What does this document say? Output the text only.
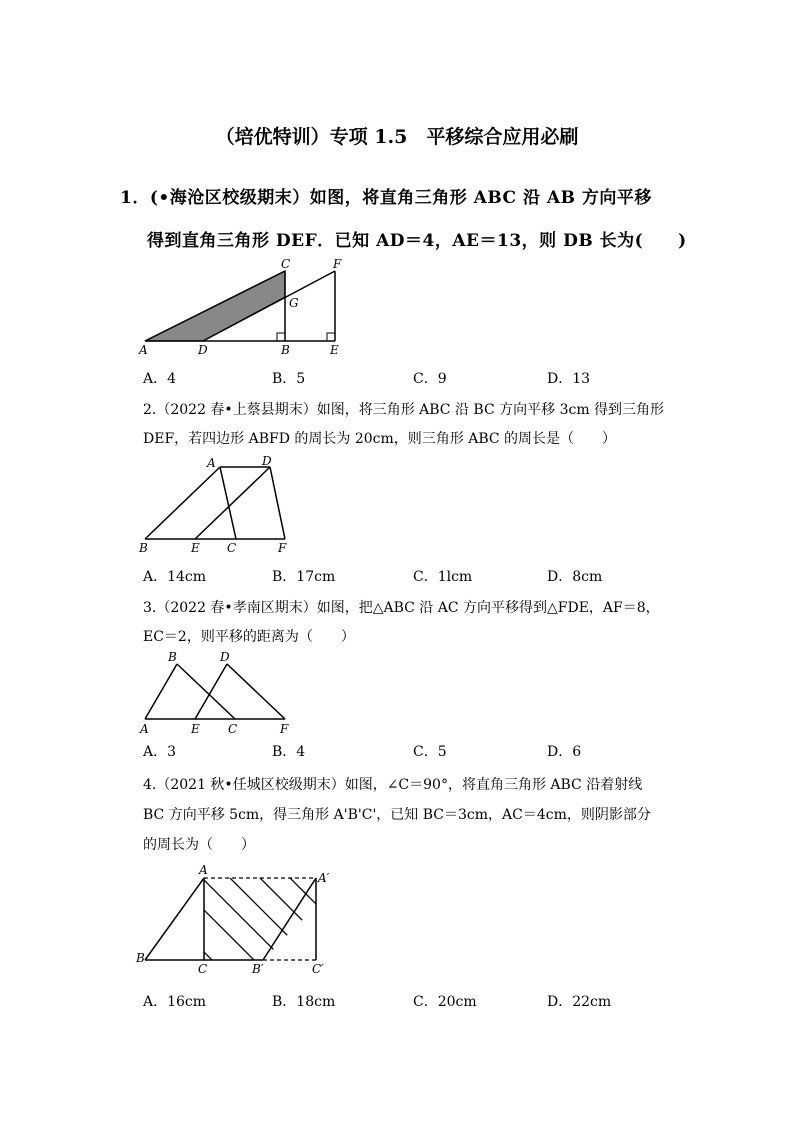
（培优特训）专项 1.5　平移综合应用必刷
1．(•海沧区校级期末）如图，将直角三角形 ABC 沿 AB 方向平移
得到直角三角形 DEF．已知 AD＝4，AE＝13，则 DB 长为(　　)
A	D	B	E
C	F
G
A．4	B．5	C．9	D．13
2.（2022 春•上蔡县期末）如图，将三角形 ABC 沿 BC 方向平移 3cm 得到三角形
DEF，若四边形 ABFD 的周长为 20cm，则三角形 ABC 的周长是（　　）
A	D
B	E C	F
A．14cm	B．17cm	C．1lcm	D．8cm
3.（2022 春•孝南区期末）如图，把△ABC 沿 AC 方向平移得到△FDE，AF＝8，
EC＝2，则平移的距离为（　　）
B	D
A	E C	F
A．3	B．4	C．5	D．6
4.（2021 秋•任城区校级期末）如图，∠C＝90°，将直角三角形 ABC 沿着射线
BC 方向平移 5cm，得三角形 A'B'C'，已知 BC＝3cm，AC＝4cm，则阴影部分
的周长为（　　）
A
A′
B
C	B′	C′
A．16cm	B．18cm	C．20cm	D．22cm
